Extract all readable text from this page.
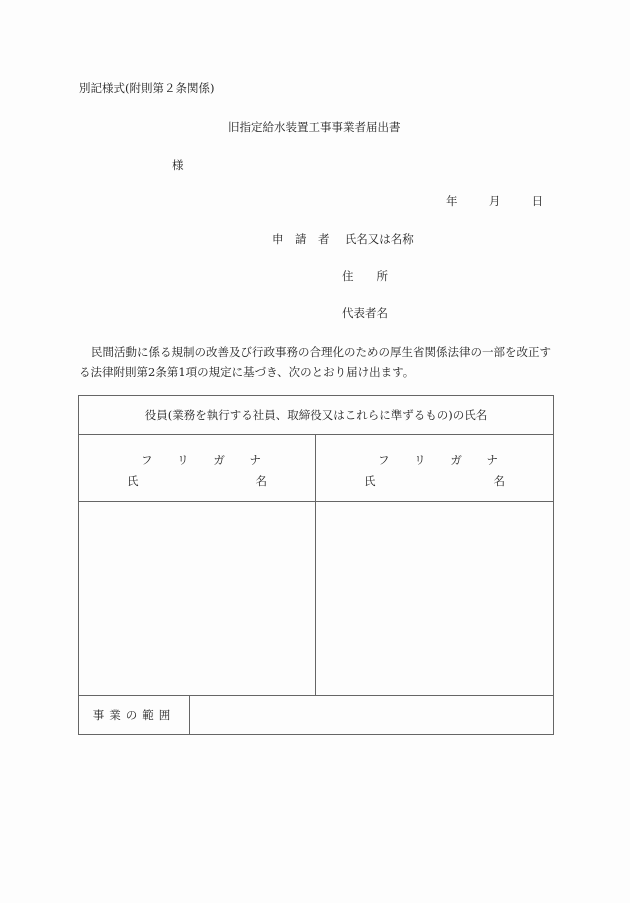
別記様式(附則第２条関係)
旧指定給水装置工事事業者届出書
様
年	月	日
申　請　者 氏名又は名称
住　　所
代表者名
民間活動に係る規制の改善及び行政事務の合理化のための厚生省関係法律の一部を改正する法律附則第2条第1項の規定に基づき、次のとおり届け出ます。
役員(業務を執行する社員、取締役又はこれらに準ずるもの)の氏名		

フ リ ガ ナ
氏	名

フ リ ガ ナ
氏	名

事業の範囲		
